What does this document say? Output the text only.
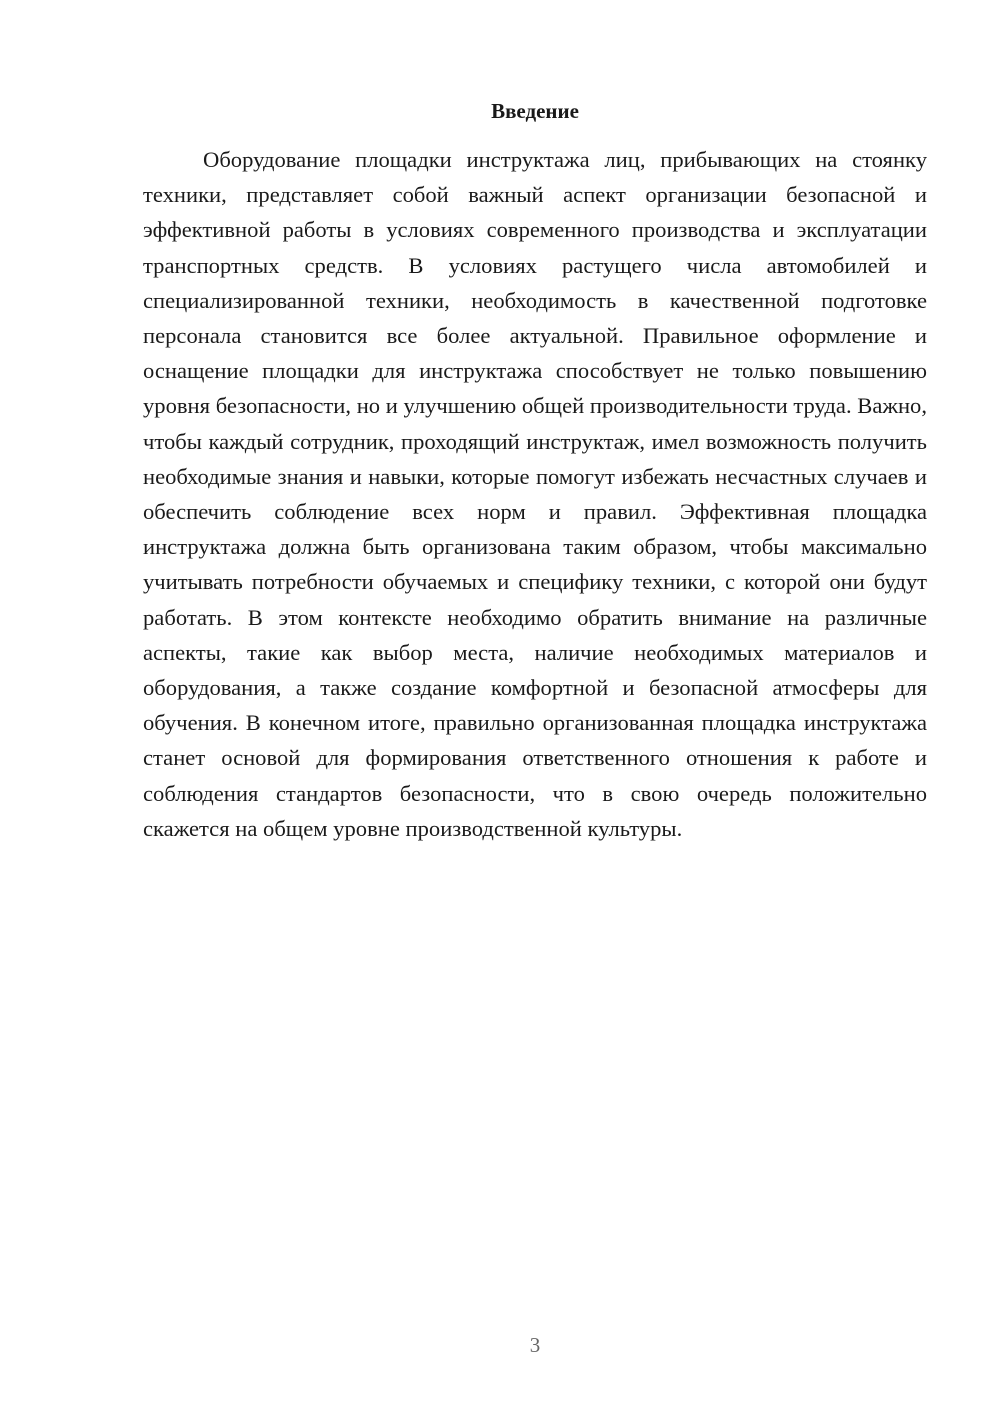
Введение

Оборудование площадки инструктажа лиц, прибывающих на стоянку техники, представляет собой важный аспект организации безопасной и эффективной работы в условиях современного производства и эксплуатации транспортных средств. В условиях растущего числа автомобилей и специализированной техники, необходимость в качественной подготовке персонала становится все более актуальной. Правильное оформление и оснащение площадки для инструктажа способствует не только повышению уровня безопасности, но и улучшению общей производительности труда. Важно, чтобы каждый сотрудник, проходящий инструктаж, имел возможность получить необходимые знания и навыки, которые помогут избежать несчастных случаев и обеспечить соблюдение всех норм и правил. Эффективная площадка инструктажа должна быть организована таким образом, чтобы максимально учитывать потребности обучаемых и специфику техники, с которой они будут работать. В этом контексте необходимо обратить внимание на различные аспекты, такие как выбор места, наличие необходимых материалов и оборудования, а также создание комфортной и безопасной атмосферы для обучения. В конечном итоге, правильно организованная площадка инструктажа станет основой для формирования ответственного отношения к работе и соблюдения стандартов безопасности, что в свою очередь положительно скажется на общем уровне производственной культуры.

3
